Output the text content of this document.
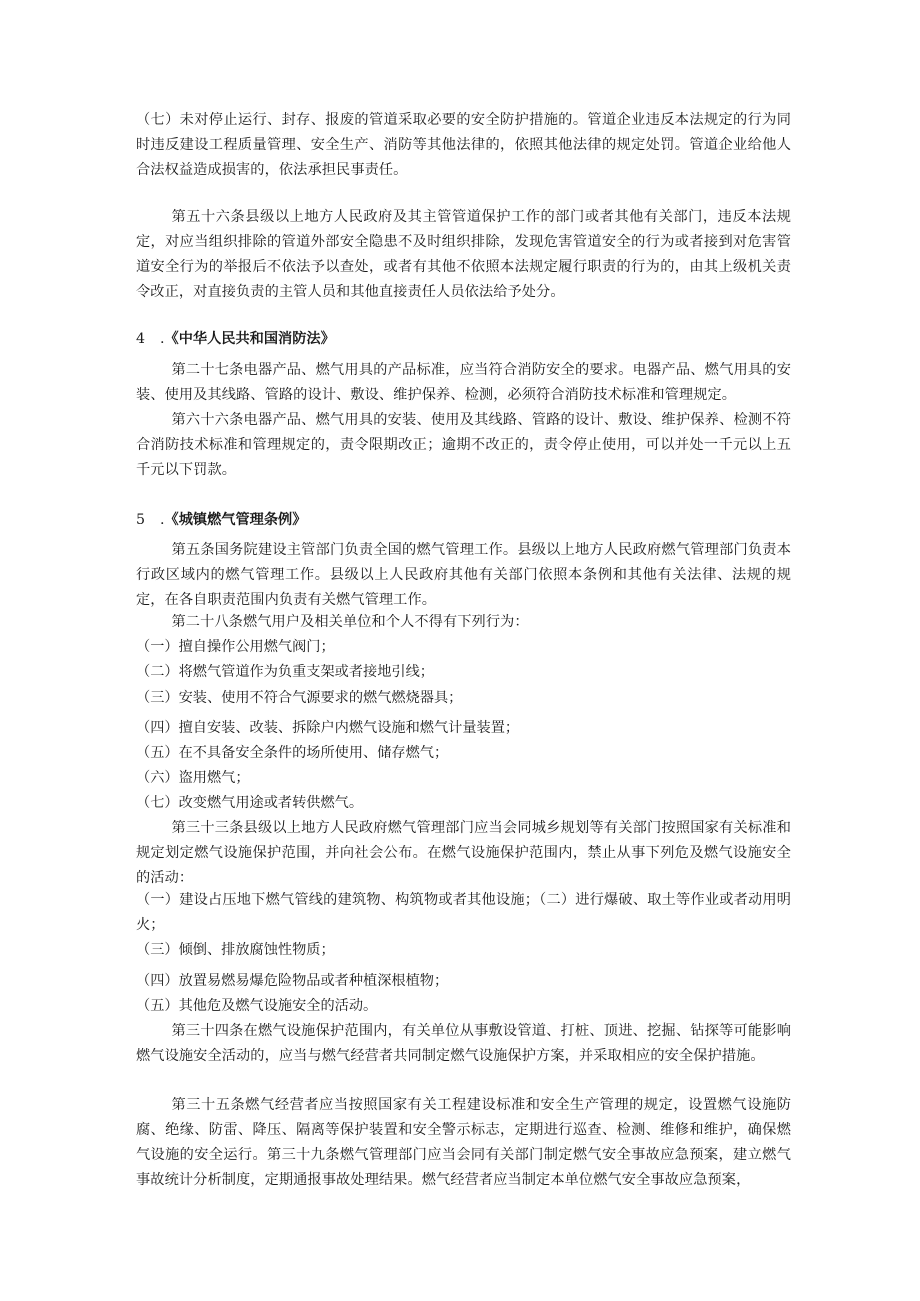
（七）未对停止运行、封存、报废的管道采取必要的安全防护措施的。管道企业违反本法规定的行为同时违反建设工程质量管理、安全生产、消防等其他法律的，依照其他法律的规定处罚。管道企业给他人合法权益造成损害的，依法承担民事责任。

第五十六条县级以上地方人民政府及其主管管道保护工作的部门或者其他有关部门，违反本法规定，对应当组织排除的管道外部安全隐患不及时组织排除，发现危害管道安全的行为或者接到对危害管道安全行为的举报后不依法予以查处，或者有其他不依照本法规定履行职责的行为的，由其上级机关责令改正，对直接负责的主管人员和其他直接责任人员依法给予处分。

4 .《中华人民共和国消防法》

第二十七条电器产品、燃气用具的产品标准，应当符合消防安全的要求。电器产品、燃气用具的安装、使用及其线路、管路的设计、敷设、维护保养、检测，必须符合消防技术标准和管理规定。

第六十六条电器产品、燃气用具的安装、使用及其线路、管路的设计、敷设、维护保养、检测不符合消防技术标准和管理规定的，责令限期改正；逾期不改正的，责令停止使用，可以并处一千元以上五千元以下罚款。

5 .《城镇燃气管理条例》

第五条国务院建设主管部门负责全国的燃气管理工作。县级以上地方人民政府燃气管理部门负责本行政区域内的燃气管理工作。县级以上人民政府其他有关部门依照本条例和其他有关法律、法规的规定，在各自职责范围内负责有关燃气管理工作。

第二十八条燃气用户及相关单位和个人不得有下列行为：

（一）擅自操作公用燃气阀门；

（二）将燃气管道作为负重支架或者接地引线；

（三）安装、使用不符合气源要求的燃气燃烧器具；

（四）擅自安装、改装、拆除户内燃气设施和燃气计量装置；

（五）在不具备安全条件的场所使用、储存燃气；

（六）盗用燃气；

（七）改变燃气用途或者转供燃气。

第三十三条县级以上地方人民政府燃气管理部门应当会同城乡规划等有关部门按照国家有关标准和规定划定燃气设施保护范围，并向社会公布。在燃气设施保护范围内，禁止从事下列危及燃气设施安全的活动：

（一）建设占压地下燃气管线的建筑物、构筑物或者其他设施；（二）进行爆破、取土等作业或者动用明火；

（三）倾倒、排放腐蚀性物质；

（四）放置易燃易爆危险物品或者种植深根植物；

（五）其他危及燃气设施安全的活动。

第三十四条在燃气设施保护范围内，有关单位从事敷设管道、打桩、顶进、挖掘、钻探等可能影响燃气设施安全活动的，应当与燃气经营者共同制定燃气设施保护方案，并采取相应的安全保护措施。

第三十五条燃气经营者应当按照国家有关工程建设标准和安全生产管理的规定，设置燃气设施防腐、绝缘、防雷、降压、隔离等保护装置和安全警示标志，定期进行巡查、检测、维修和维护，确保燃气设施的安全运行。第三十九条燃气管理部门应当会同有关部门制定燃气安全事故应急预案，建立燃气事故统计分析制度，定期通报事故处理结果。燃气经营者应当制定本单位燃气安全事故应急预案，
